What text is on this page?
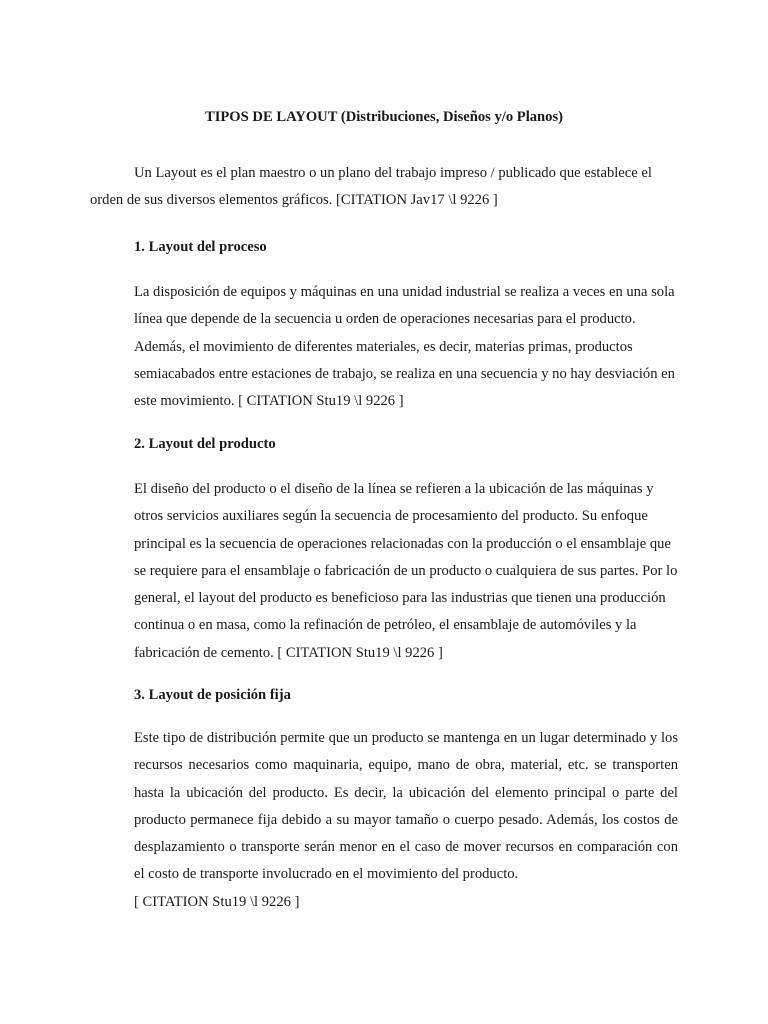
TIPOS DE LAYOUT (Distribuciones, Diseños y/o Planos)

Un Layout es el plan maestro o un plano del trabajo impreso / publicado que establece el orden de sus diversos elementos gráficos. [CITATION Jav17 \l 9226 ]

1. Layout del proceso

La disposición de equipos y máquinas en una unidad industrial se realiza a veces en una sola línea que depende de la secuencia u orden de operaciones necesarias para el producto. Además, el movimiento de diferentes materiales, es decir, materias primas, productos semiacabados entre estaciones de trabajo, se realiza en una secuencia y no hay desviación en este movimiento. [ CITATION Stu19 \l 9226 ]

2. Layout del producto

El diseño del producto o el diseño de la línea se refieren a la ubicación de las máquinas y otros servicios auxiliares según la secuencia de procesamiento del producto. Su enfoque principal es la secuencia de operaciones relacionadas con la producción o el ensamblaje que se requiere para el ensamblaje o fabricación de un producto o cualquiera de sus partes. Por lo general, el layout del producto es beneficioso para las industrias que tienen una producción continua o en masa, como la refinación de petróleo, el ensamblaje de automóviles y la fabricación de cemento. [ CITATION Stu19 \l 9226 ]

3. Layout de posición fija

Este tipo de distribución permite que un producto se mantenga en un lugar determinado y los recursos necesarios como maquinaria, equipo, mano de obra, material, etc. se transporten hasta la ubicación del producto. Es decir, la ubicación del elemento principal o parte del producto permanece fija debido a su mayor tamaño o cuerpo pesado. Además, los costos de desplazamiento o transporte serán menor en el caso de mover recursos en comparación con el costo de transporte involucrado en el movimiento del producto.

[ CITATION Stu19 \l 9226 ]
